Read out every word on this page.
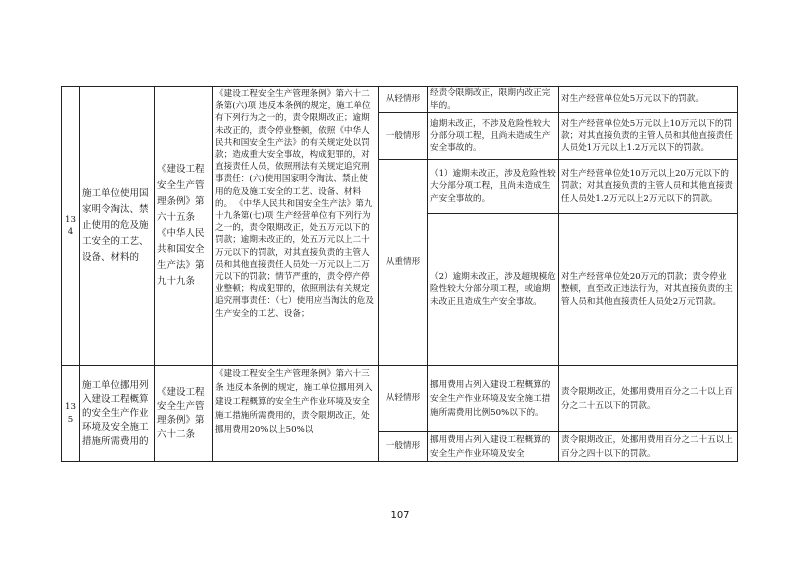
134
施工单位使用国家明令淘汰、禁止使用的危及施工安全的工艺、设备、材料的
《建设工程安全生产管理条例》第六十五条 《中华人民共和国安全生产法》第九十九条
《建设工程安全生产管理条例》第六十二条第(六)项 违反本条例的规定，施工单位有下列行为之一的，责令限期改正；逾期未改正的，责令停业整顿，依照《中华人民共和国安全生产法》的有关规定处以罚款；造成重大安全事故，构成犯罪的，对直接责任人员，依照刑法有关规定追究刑事责任：(六)使用国家明令淘汰、禁止使用的危及施工安全的工艺、设备、材料的。 《中华人民共和国安全生产法》第九十九条第(七)项 生产经营单位有下列行为之一的，责令限期改正，处五万元以下的罚款；逾期未改正的，处五万元以上二十万元以下的罚款，对其直接负责的主管人员和其他直接责任人员处一万元以上二万元以下的罚款；情节严重的，责令停产停业整顿；构成犯罪的，依照刑法有关规定追究刑事责任：（七）使用应当淘汰的危及生产安全的工艺、设备；
从轻情形
经责令限期改正，限期内改正完毕的。
对生产经营单位处5万元以下的罚款。
一般情形
逾期未改正，不涉及危险性较大分部分项工程，且尚未造成生产安全事故的。
对生产经营单位处5万元以上10万元以下的罚款；对其直接负责的主管人员和其他直接责任人员处1万元以上1.2万元以下的罚款。
从重情形
（1）逾期未改正，涉及危险性较大分部分项工程，且尚未造成生产安全事故的。
对生产经营单位处10万元以上20万元以下的罚款；对其直接负责的主管人员和其他直接责任人员处1.2万元以上2万元以下的罚款。
（2）逾期未改正，涉及超规模危险性较大分部分项工程，或逾期未改正且造成生产安全事故。
对生产经营单位处20万元的罚款；责令停业整顿，直至改正违法行为，对其直接负责的主管人员和其他直接责任人员处2万元罚款。
135
施工单位挪用列入建设工程概算的安全生产作业环境及安全施工措施所需费用的
《建设工程安全生产管理条例》第六十二条
《建设工程安全生产管理条例》第六十三条 违反本条例的规定，施工单位挪用列入建设工程概算的安全生产作业环境及安全施工措施所需费用的，责令限期改正，处挪用费用20%以上50%以
从轻情形
挪用费用占列入建设工程概算的安全生产作业环境及安全施工措施所需费用比例50%以下的。
责令限期改正，处挪用费用百分之二十以上百分之二十五以下的罚款。
一般情形
挪用费用占列入建设工程概算的安全生产作业环境及安全
责令限期改正，处挪用费用百分之二十五以上百分之四十以下的罚款。
107
